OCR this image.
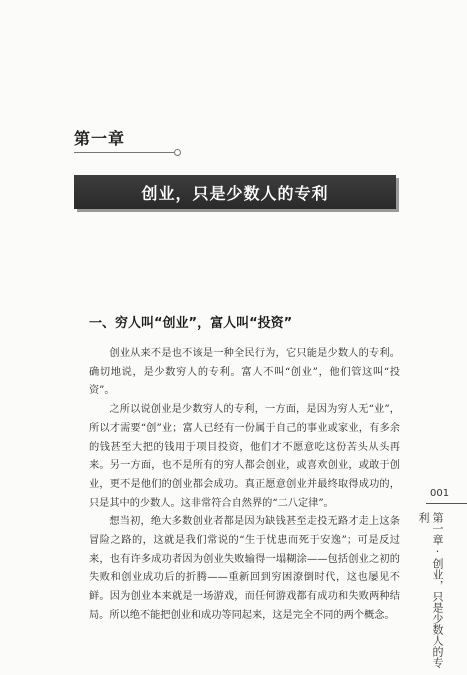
第一章
创业，只是少数人的专利
一、穷人叫“创业”，富人叫“投资”

创业从来不是也不该是一种全民行为，它只能是少数人的专利。确切地说，是少数穷人的专利。富人不叫“创业”，他们管这叫“投资”。

之所以说创业是少数穷人的专利，一方面，是因为穷人无“业”，所以才需要“创”业；富人已经有一份属于自己的事业或家业，有多余的钱甚至大把的钱用于项目投资，他们才不愿意吃这份苦头从头再来。另一方面，也不是所有的穷人都会创业，或喜欢创业，或敢于创业，更不是他们的创业都会成功。真正愿意创业并最终取得成功的，只是其中的少数人。这非常符合自然界的“二八定律”。

想当初，绝大多数创业者都是因为缺钱甚至走投无路才走上这条冒险之路的，这就是我们常说的“生于忧患而死于安逸”；可是反过来，也有许多成功者因为创业失败输得一塌糊涂——包括创业之初的失败和创业成功后的折腾——重新回到穷困潦倒时代，这也屡见不鲜。因为创业本来就是一场游戏，而任何游戏都有成功和失败两种结局。所以绝不能把创业和成功等同起来，这是完全不同的两个概念。

001
第一章·创业，只是少数人的专利
